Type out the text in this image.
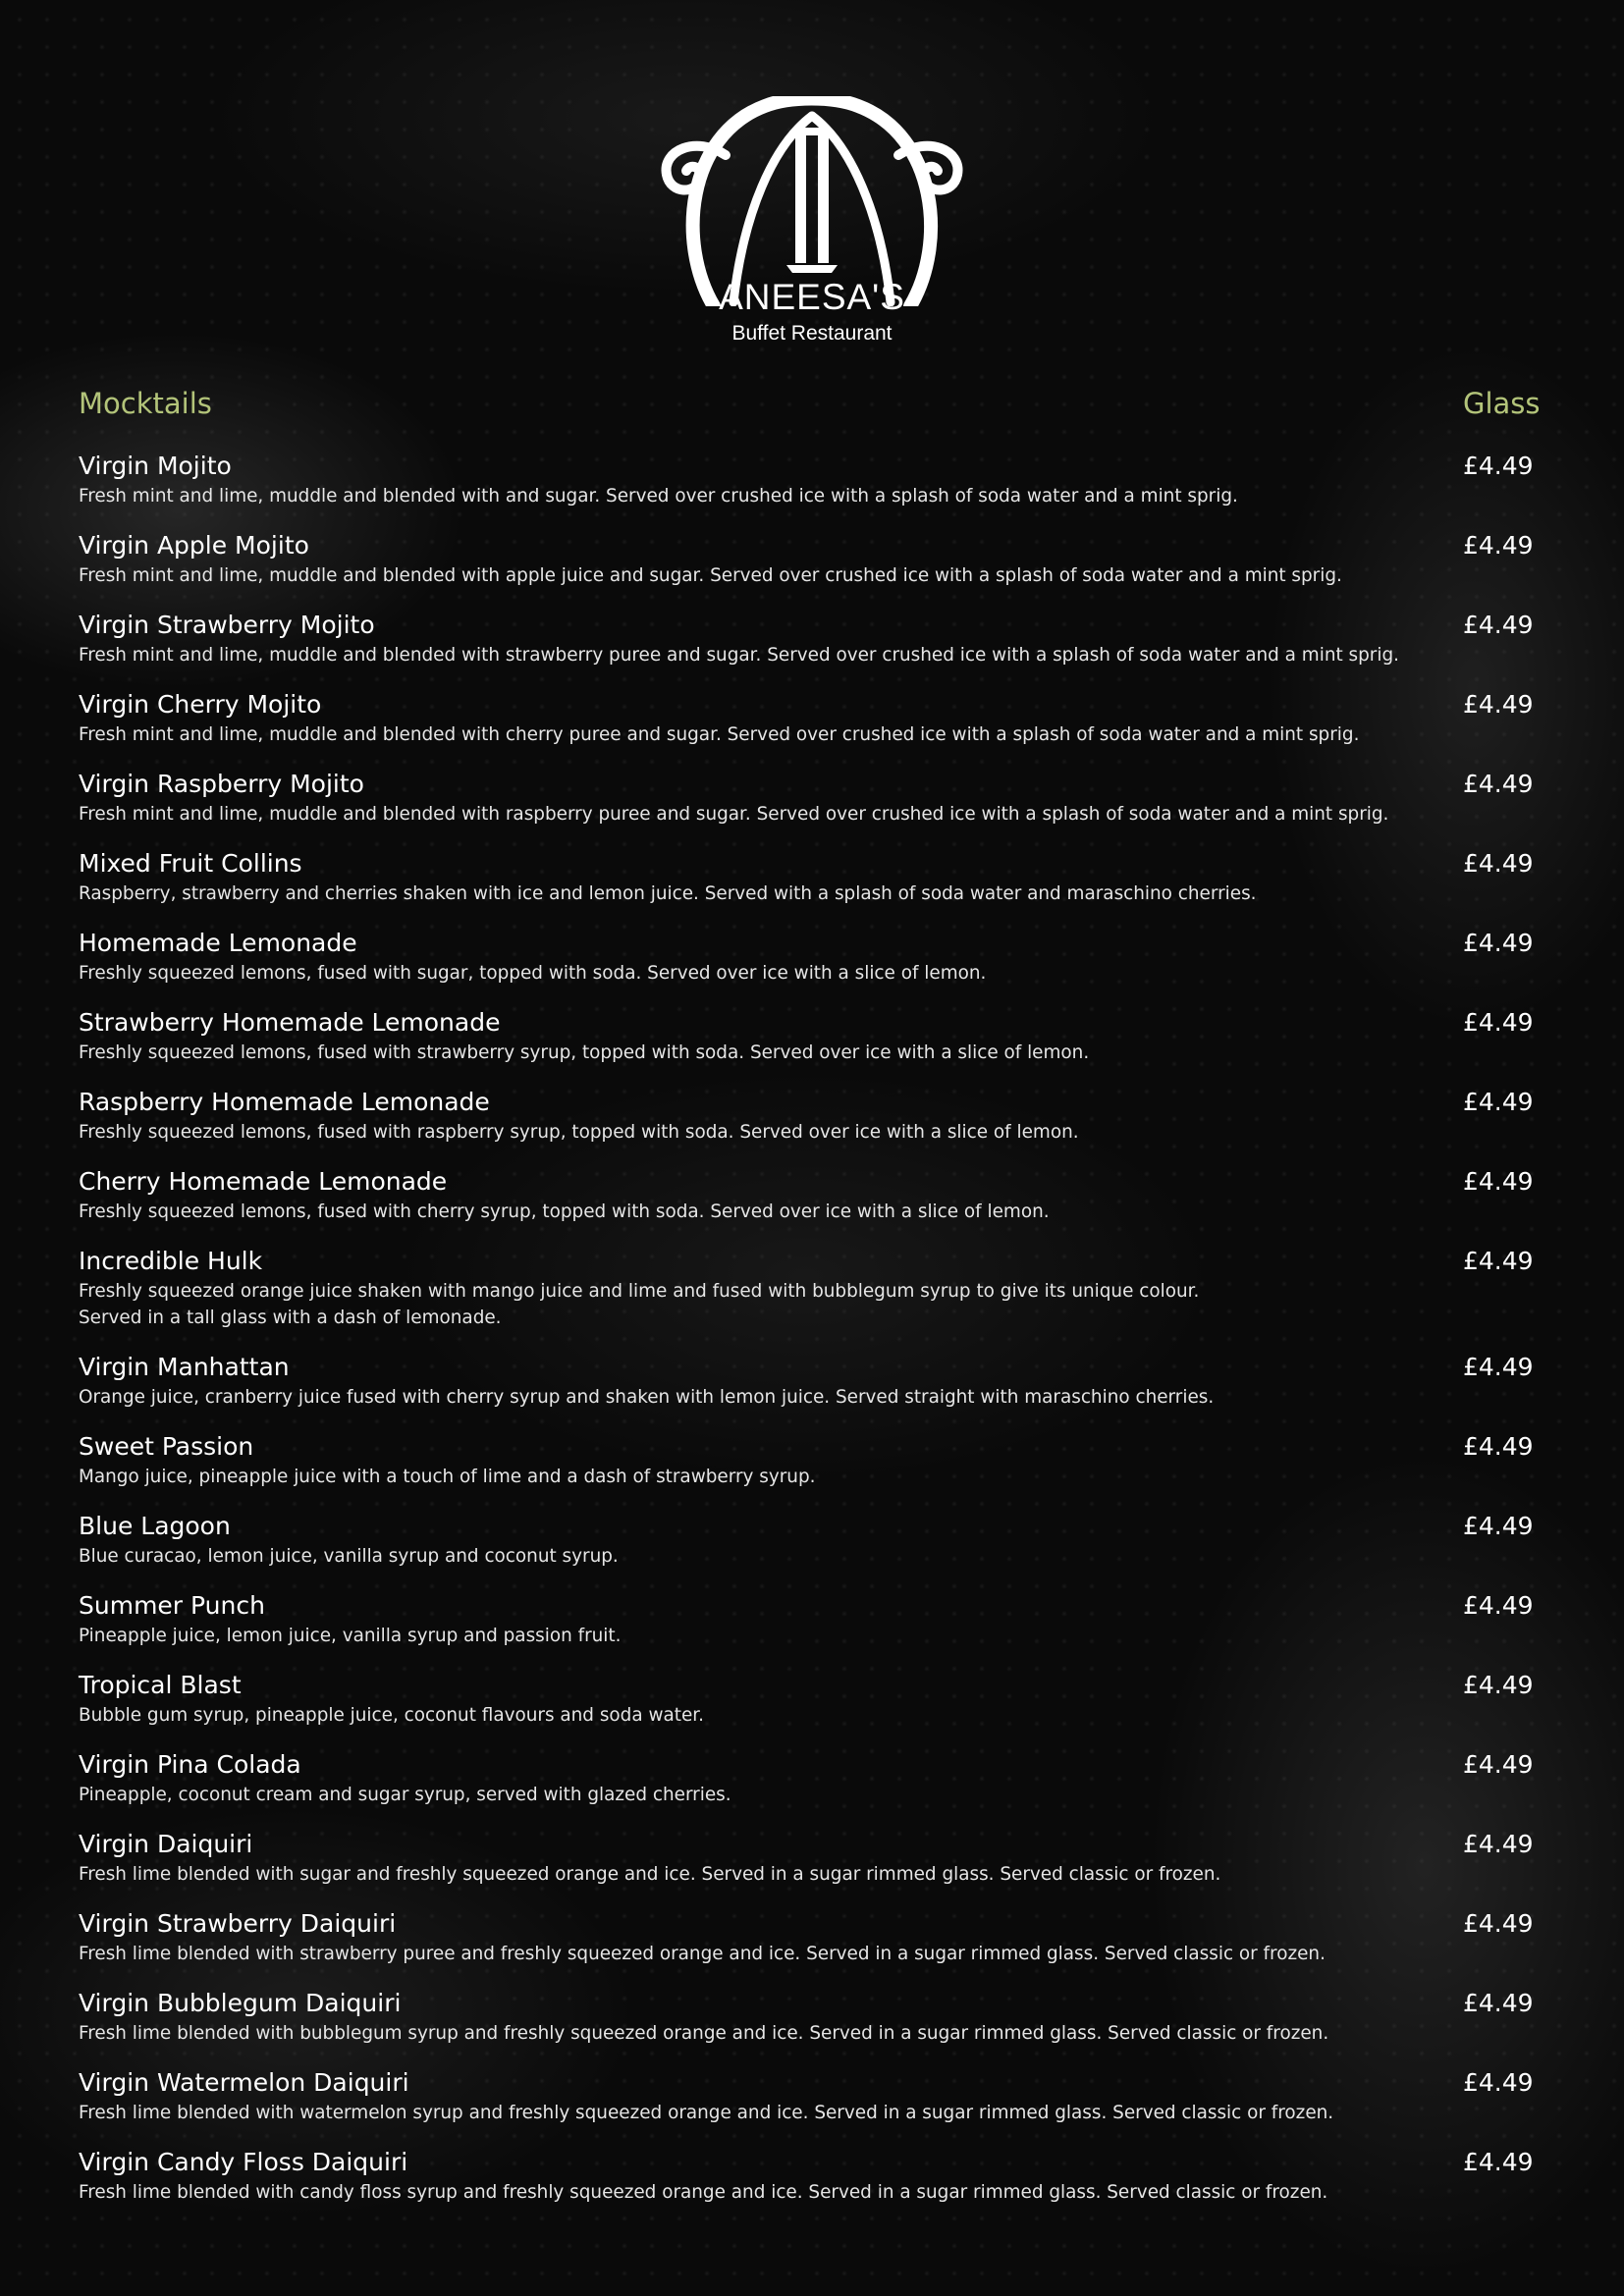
ANEESA'S
Buffet Restaurant
Mocktails	Glass
Virgin Mojito
Fresh mint and lime, muddle and blended with and sugar. Served over crushed ice with a splash of soda water and a mint sprig.
£4.49
Virgin Apple Mojito
Fresh mint and lime, muddle and blended with apple juice and sugar. Served over crushed ice with a splash of soda water and a mint sprig.
£4.49
Virgin Strawberry Mojito
Fresh mint and lime, muddle and blended with strawberry puree and sugar. Served over crushed ice with a splash of soda water and a mint sprig.
£4.49
Virgin Cherry Mojito
Fresh mint and lime, muddle and blended with cherry puree and sugar. Served over crushed ice with a splash of soda water and a mint sprig.
£4.49
Virgin Raspberry Mojito
Fresh mint and lime, muddle and blended with raspberry puree and sugar. Served over crushed ice with a splash of soda water and a mint sprig.
£4.49
Mixed Fruit Collins
Raspberry, strawberry and cherries shaken with ice and lemon juice. Served with a splash of soda water and maraschino cherries.
£4.49
Homemade Lemonade
Freshly squeezed lemons, fused with sugar, topped with soda. Served over ice with a slice of lemon.
£4.49
Strawberry Homemade Lemonade
Freshly squeezed lemons, fused with strawberry syrup, topped with soda. Served over ice with a slice of lemon.
£4.49
Raspberry Homemade Lemonade
Freshly squeezed lemons, fused with raspberry syrup, topped with soda. Served over ice with a slice of lemon.
£4.49
Cherry Homemade Lemonade
Freshly squeezed lemons, fused with cherry syrup, topped with soda. Served over ice with a slice of lemon.
£4.49
Incredible Hulk
Freshly squeezed orange juice shaken with mango juice and lime and fused with bubblegum syrup to give its unique colour.
Served in a tall glass with a dash of lemonade.
£4.49
Virgin Manhattan
Orange juice, cranberry juice fused with cherry syrup and shaken with lemon juice. Served straight with maraschino cherries.
£4.49
Sweet Passion
Mango juice, pineapple juice with a touch of lime and a dash of strawberry syrup.
£4.49
Blue Lagoon
Blue curacao, lemon juice, vanilla syrup and coconut syrup.
£4.49
Summer Punch
Pineapple juice, lemon juice, vanilla syrup and passion fruit.
£4.49
Tropical Blast
Bubble gum syrup, pineapple juice, coconut flavours and soda water.
£4.49
Virgin Pina Colada
Pineapple, coconut cream and sugar syrup, served with glazed cherries.
£4.49
Virgin Daiquiri
Fresh lime blended with sugar and freshly squeezed orange and ice. Served in a sugar rimmed glass. Served classic or frozen.
£4.49
Virgin Strawberry Daiquiri
Fresh lime blended with strawberry puree and freshly squeezed orange and ice. Served in a sugar rimmed glass. Served classic or frozen.
£4.49
Virgin Bubblegum Daiquiri
Fresh lime blended with bubblegum syrup and freshly squeezed orange and ice. Served in a sugar rimmed glass. Served classic or frozen.
£4.49
Virgin Watermelon Daiquiri
Fresh lime blended with watermelon syrup and freshly squeezed orange and ice. Served in a sugar rimmed glass. Served classic or frozen.
£4.49
Virgin Candy Floss Daiquiri
Fresh lime blended with candy floss syrup and freshly squeezed orange and ice. Served in a sugar rimmed glass. Served classic or frozen.
£4.49
